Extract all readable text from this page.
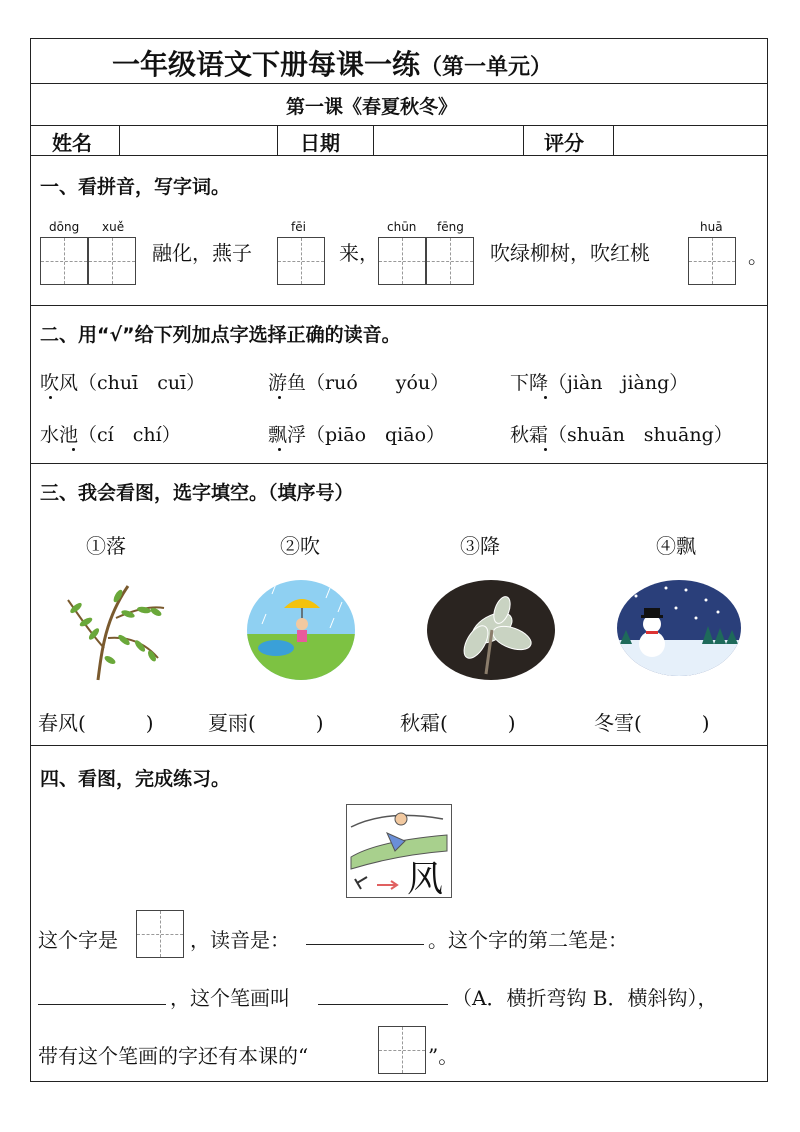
一年级语文下册每课一练（第一单元）
第一课《春夏秋冬》
姓名	日期	评分
一、看拼音，写字词。
dōng xuě
融化，燕子
fēi
来，
chūn fēng
吹绿柳树，吹红桃
huā
。
二、用“√”给下列加点字选择正确的读音。
吹风（chuī　cuī）	游鱼（ruó　　yóu）	下降（jiàn　jiàng）
水池（cí　chí）	飘浮（piāo　qiāo）	秋霜（shuān　shuāng）
三、我会看图，选字填空。（填序号）
①落	②吹	③降	④飘
春风(　　　)	夏雨(　　　)	秋霜(　　　)	冬雪(　　　)
四、看图，完成练习。
风
这个字是	，读音是：	。这个字的第二笔是：
，这个笔画叫	（A．横折弯钩 B．横斜钩），
带有这个笔画的字还有本课的“	”。
